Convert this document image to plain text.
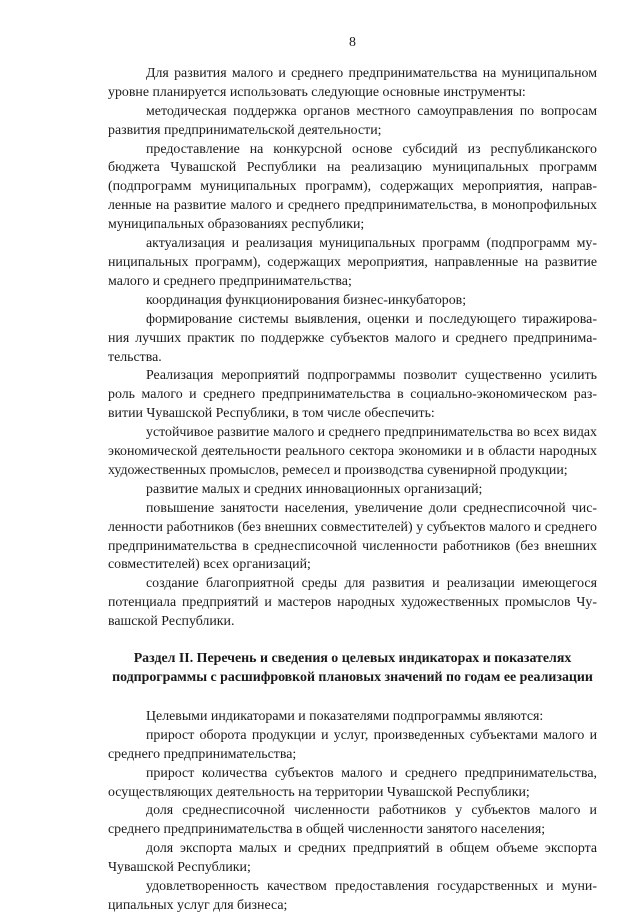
8

Для развития малого и среднего предпринимательства на муниципальном уровне планируется использовать следующие основные инструменты:

методическая поддержка органов местного самоуправления по вопросам развития предпринимательской деятельности;

предоставление на конкурсной основе субсидий из республиканского бюджета Чувашской Республики на реализацию муниципальных программ (подпрограмм муниципальных программ), содержащих мероприятия, направленные на развитие малого и среднего предпринимательства, в монопрофильных муниципальных образованиях республики;

актуализация и реализация муниципальных программ (подпрограмм муниципальных программ), содержащих мероприятия, направленные на развитие малого и среднего предпринимательства;

координация функционирования бизнес-инкубаторов;

формирование системы выявления, оценки и последующего тиражирования лучших практик по поддержке субъектов малого и среднего предпринимательства.

Реализация мероприятий подпрограммы позволит существенно усилить роль малого и среднего предпринимательства в социально-экономическом развитии Чувашской Республики, в том числе обеспечить:

устойчивое развитие малого и среднего предпринимательства во всех видах экономической деятельности реального сектора экономики и в области народных художественных промыслов, ремесел и производства сувенирной продукции;

развитие малых и средних инновационных организаций;

повышение занятости населения, увеличение доли среднесписочной численности работников (без внешних совместителей) у субъектов малого и среднего предпринимательства в среднесписочной численности работников (без внешних совместителей) всех организаций;

создание благоприятной среды для развития и реализации имеющегося потенциала предприятий и мастеров народных художественных промыслов Чувашской Республики.

Раздел II. Перечень и сведения о целевых индикаторах и показателях
подпрограммы с расшифровкой плановых значений по годам ее реализации

Целевыми индикаторами и показателями подпрограммы являются:

прирост оборота продукции и услуг, произведенных субъектами малого и среднего предпринимательства;

прирост количества субъектов малого и среднего предпринимательства, осуществляющих деятельность на территории Чувашской Республики;

доля среднесписочной численности работников у субъектов малого и среднего предпринимательства в общей численности занятого населения;

доля экспорта малых и средних предприятий в общем объеме экспорта Чувашской Республики;

удовлетворенность качеством предоставления государственных и муниципальных услуг для бизнеса;
